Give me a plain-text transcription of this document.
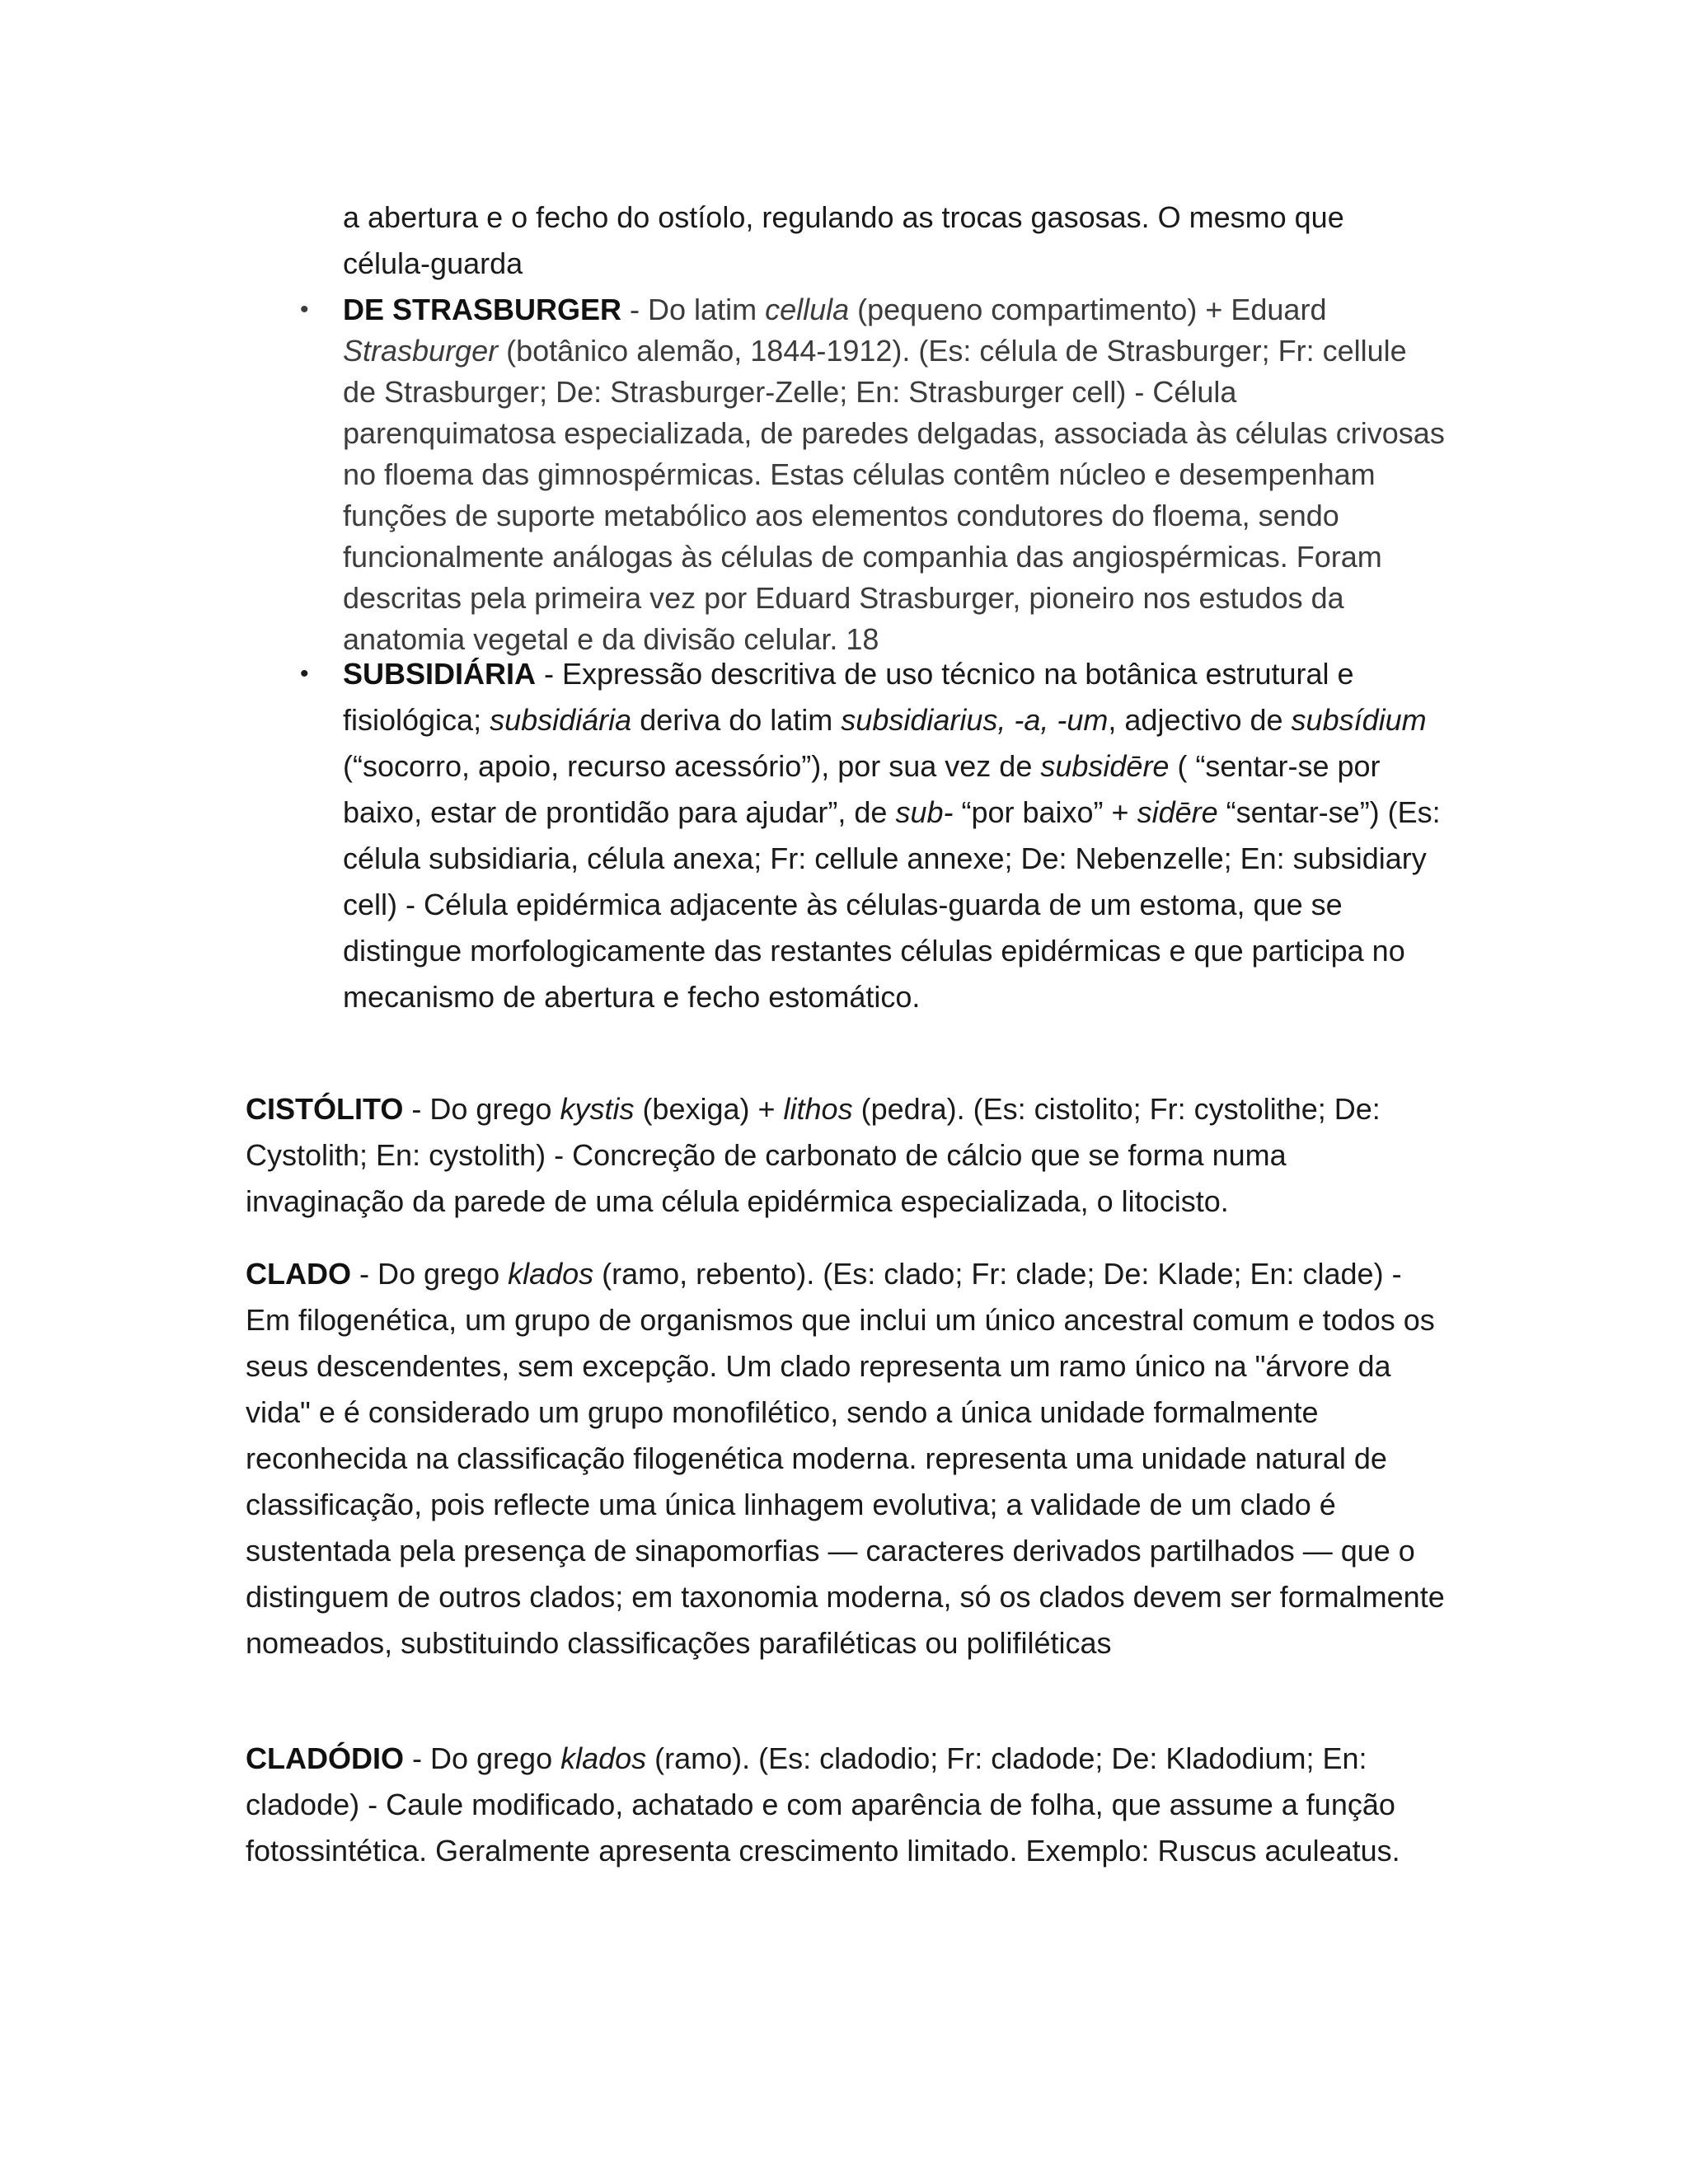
a abertura e o fecho do ostíolo, regulando as trocas gasosas. O mesmo que
célula-guarda
•	DE STRASBURGER - Do latim cellula (pequeno compartimento) + Eduard Strasburger (botânico alemão, 1844-1912). (Es: célula de Strasburger; Fr: cellule de Strasburger; De: Strasburger-Zelle; En: Strasburger cell) - Célula parenquimatosa especializada, de paredes delgadas, associada às células crivosas no floema das gimnospérmicas. Estas células contêm núcleo e desempenham funções de suporte metabólico aos elementos condutores do floema, sendo funcionalmente análogas às células de companhia das angiospérmicas. Foram descritas pela primeira vez por Eduard Strasburger, pioneiro nos estudos da anatomia vegetal e da divisão celular. 18
•	SUBSIDIÁRIA - Expressão descritiva de uso técnico na botânica estrutural e fisiológica; subsidiária deriva do latim subsidiarius, -a, -um, adjectivo de subsídium (“socorro, apoio, recurso acessório”), por sua vez de subsidēre ( “sentar-se por baixo, estar de prontidão para ajudar”, de sub- “por baixo” + sidēre “sentar-se”) (Es: célula subsidiaria, célula anexa; Fr: cellule annexe; De: Nebenzelle; En: subsidiary cell) - Célula epidérmica adjacente às células-guarda de um estoma, que se distingue morfologicamente das restantes células epidérmicas e que participa no mecanismo de abertura e fecho estomático.
CISTÓLITO - Do grego kystis (bexiga) + lithos (pedra). (Es: cistolito; Fr: cystolithe; De: Cystolith; En: cystolith) - Concreção de carbonato de cálcio que se forma numa invaginação da parede de uma célula epidérmica especializada, o litocisto.
CLADO - Do grego klados (ramo, rebento). (Es: clado; Fr: clade; De: Klade; En: clade) - Em filogenética, um grupo de organismos que inclui um único ancestral comum e todos os seus descendentes, sem excepção. Um clado representa um ramo único na "árvore da vida" e é considerado um grupo monofilético, sendo a única unidade formalmente reconhecida na classificação filogenética moderna. representa uma unidade natural de classificação, pois reflecte uma única linhagem evolutiva; a validade de um clado é sustentada pela presença de sinapomorfias — caracteres derivados partilhados — que o distinguem de outros clados; em taxonomia moderna, só os clados devem ser formalmente nomeados, substituindo classificações parafiléticas ou polifiléticas
CLADÓDIO - Do grego klados (ramo). (Es: cladodio; Fr: cladode; De: Kladodium; En: cladode) - Caule modificado, achatado e com aparência de folha, que assume a função fotossintética. Geralmente apresenta crescimento limitado. Exemplo: Ruscus aculeatus.
